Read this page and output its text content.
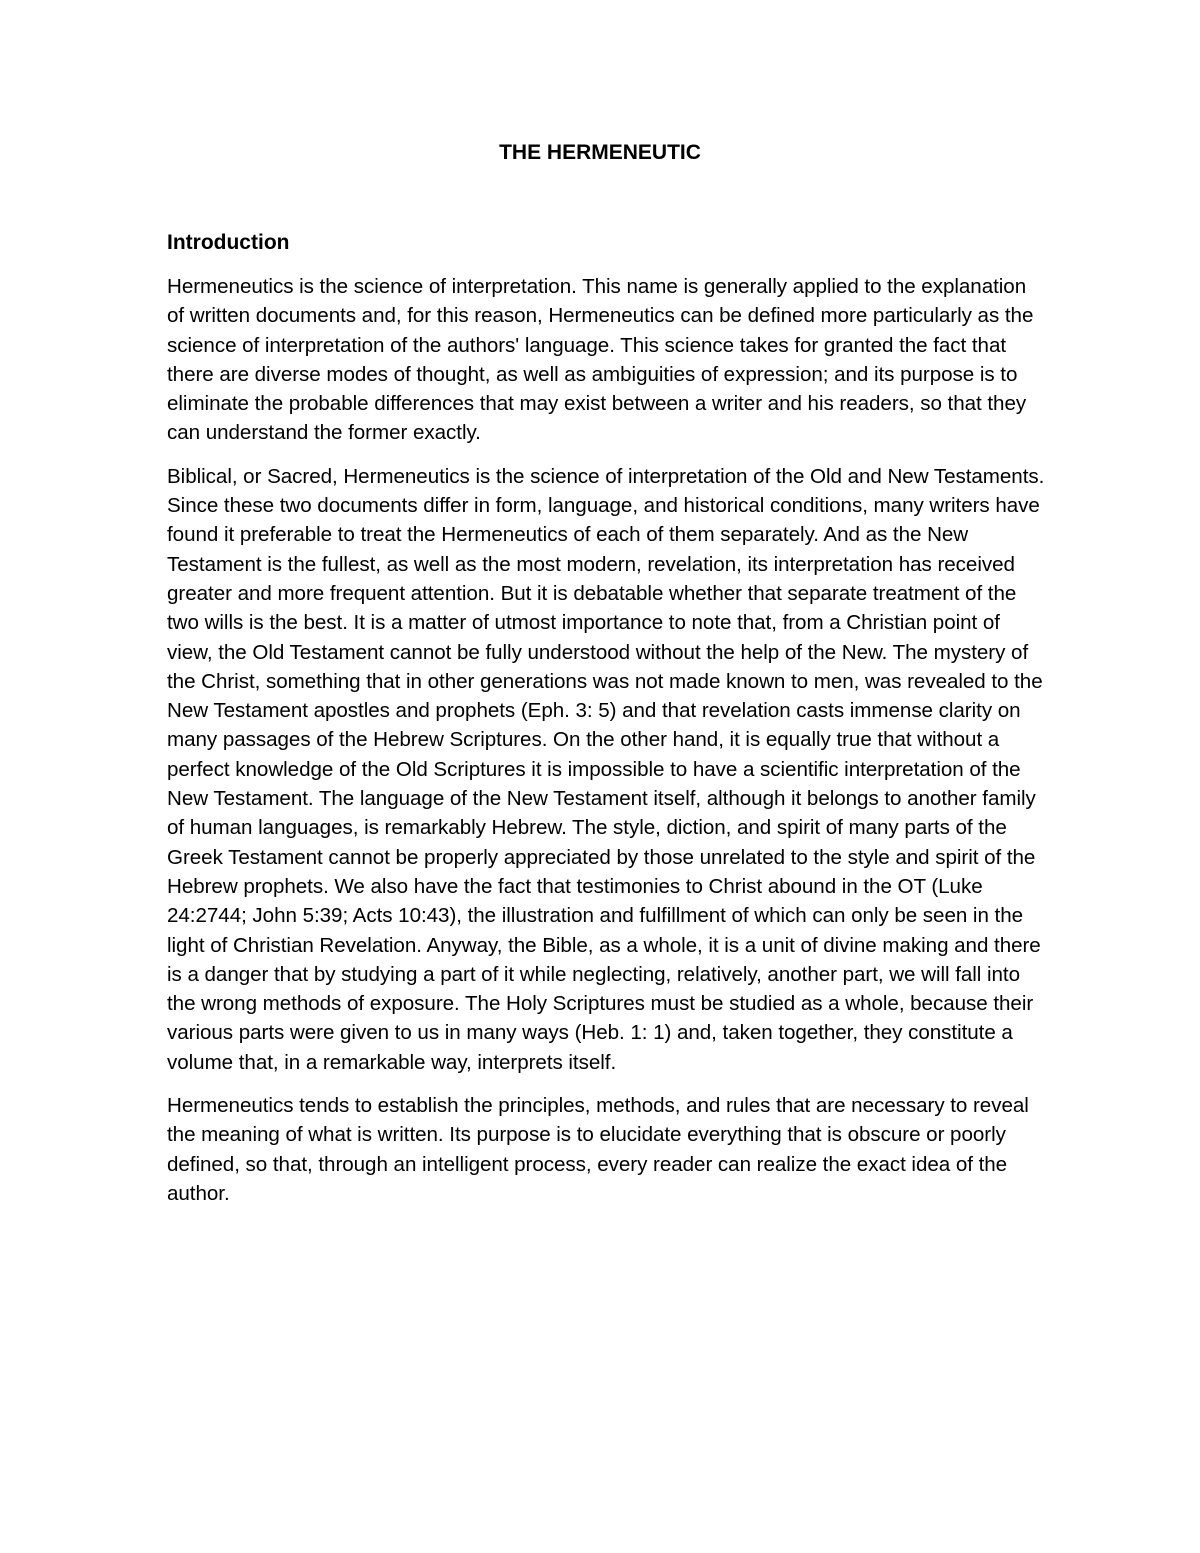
THE HERMENEUTIC
Introduction

Hermeneutics is the science of interpretation. This name is generally applied to the explanation of written documents and, for this reason, Hermeneutics can be defined more particularly as the science of interpretation of the authors' language. This science takes for granted the fact that there are diverse modes of thought, as well as ambiguities of expression; and its purpose is to eliminate the probable differences that may exist between a writer and his readers, so that they can understand the former exactly.

Biblical, or Sacred, Hermeneutics is the science of interpretation of the Old and New Testaments. Since these two documents differ in form, language, and historical conditions, many writers have found it preferable to treat the Hermeneutics of each of them separately. And as the New Testament is the fullest, as well as the most modern, revelation, its interpretation has received greater and more frequent attention. But it is debatable whether that separate treatment of the two wills is the best. It is a matter of utmost importance to note that, from a Christian point of view, the Old Testament cannot be fully understood without the help of the New. The mystery of the Christ, something that in other generations was not made known to men, was revealed to the New Testament apostles and prophets (Eph. 3: 5) and that revelation casts immense clarity on many passages of the Hebrew Scriptures. On the other hand, it is equally true that without a perfect knowledge of the Old Scriptures it is impossible to have a scientific interpretation of the New Testament. The language of the New Testament itself, although it belongs to another family of human languages, is remarkably Hebrew. The style, diction, and spirit of many parts of the Greek Testament cannot be properly appreciated by those unrelated to the style and spirit of the Hebrew prophets. We also have the fact that testimonies to Christ abound in the OT (Luke 24:2744; John 5:39; Acts 10:43), the illustration and fulfillment of which can only be seen in the light of Christian Revelation. Anyway, the Bible, as a whole, it is a unit of divine making and there is a danger that by studying a part of it while neglecting, relatively, another part, we will fall into the wrong methods of exposure. The Holy Scriptures must be studied as a whole, because their various parts were given to us in many ways (Heb. 1: 1) and, taken together, they constitute a volume that, in a remarkable way, interprets itself.

Hermeneutics tends to establish the principles, methods, and rules that are necessary to reveal the meaning of what is written. Its purpose is to elucidate everything that is obscure or poorly defined, so that, through an intelligent process, every reader can realize the exact idea of the author.
